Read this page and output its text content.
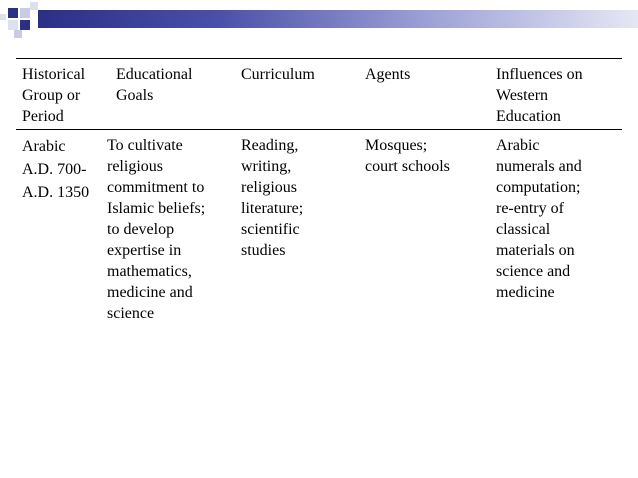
Historical
Group or
Period
Educational
Goals
Curriculum	Agents	Influences on
Western
Education
Arabic
A.D. 700-
A.D. 1350
To cultivate
religious
commitment to
Islamic beliefs;
to develop
expertise in
mathematics,
medicine and
science
Reading,
writing,
religious
literature;
scientific
studies
Mosques;
court schools
Arabic
numerals and
computation;
re-entry of
classical
materials on
science and
medicine
